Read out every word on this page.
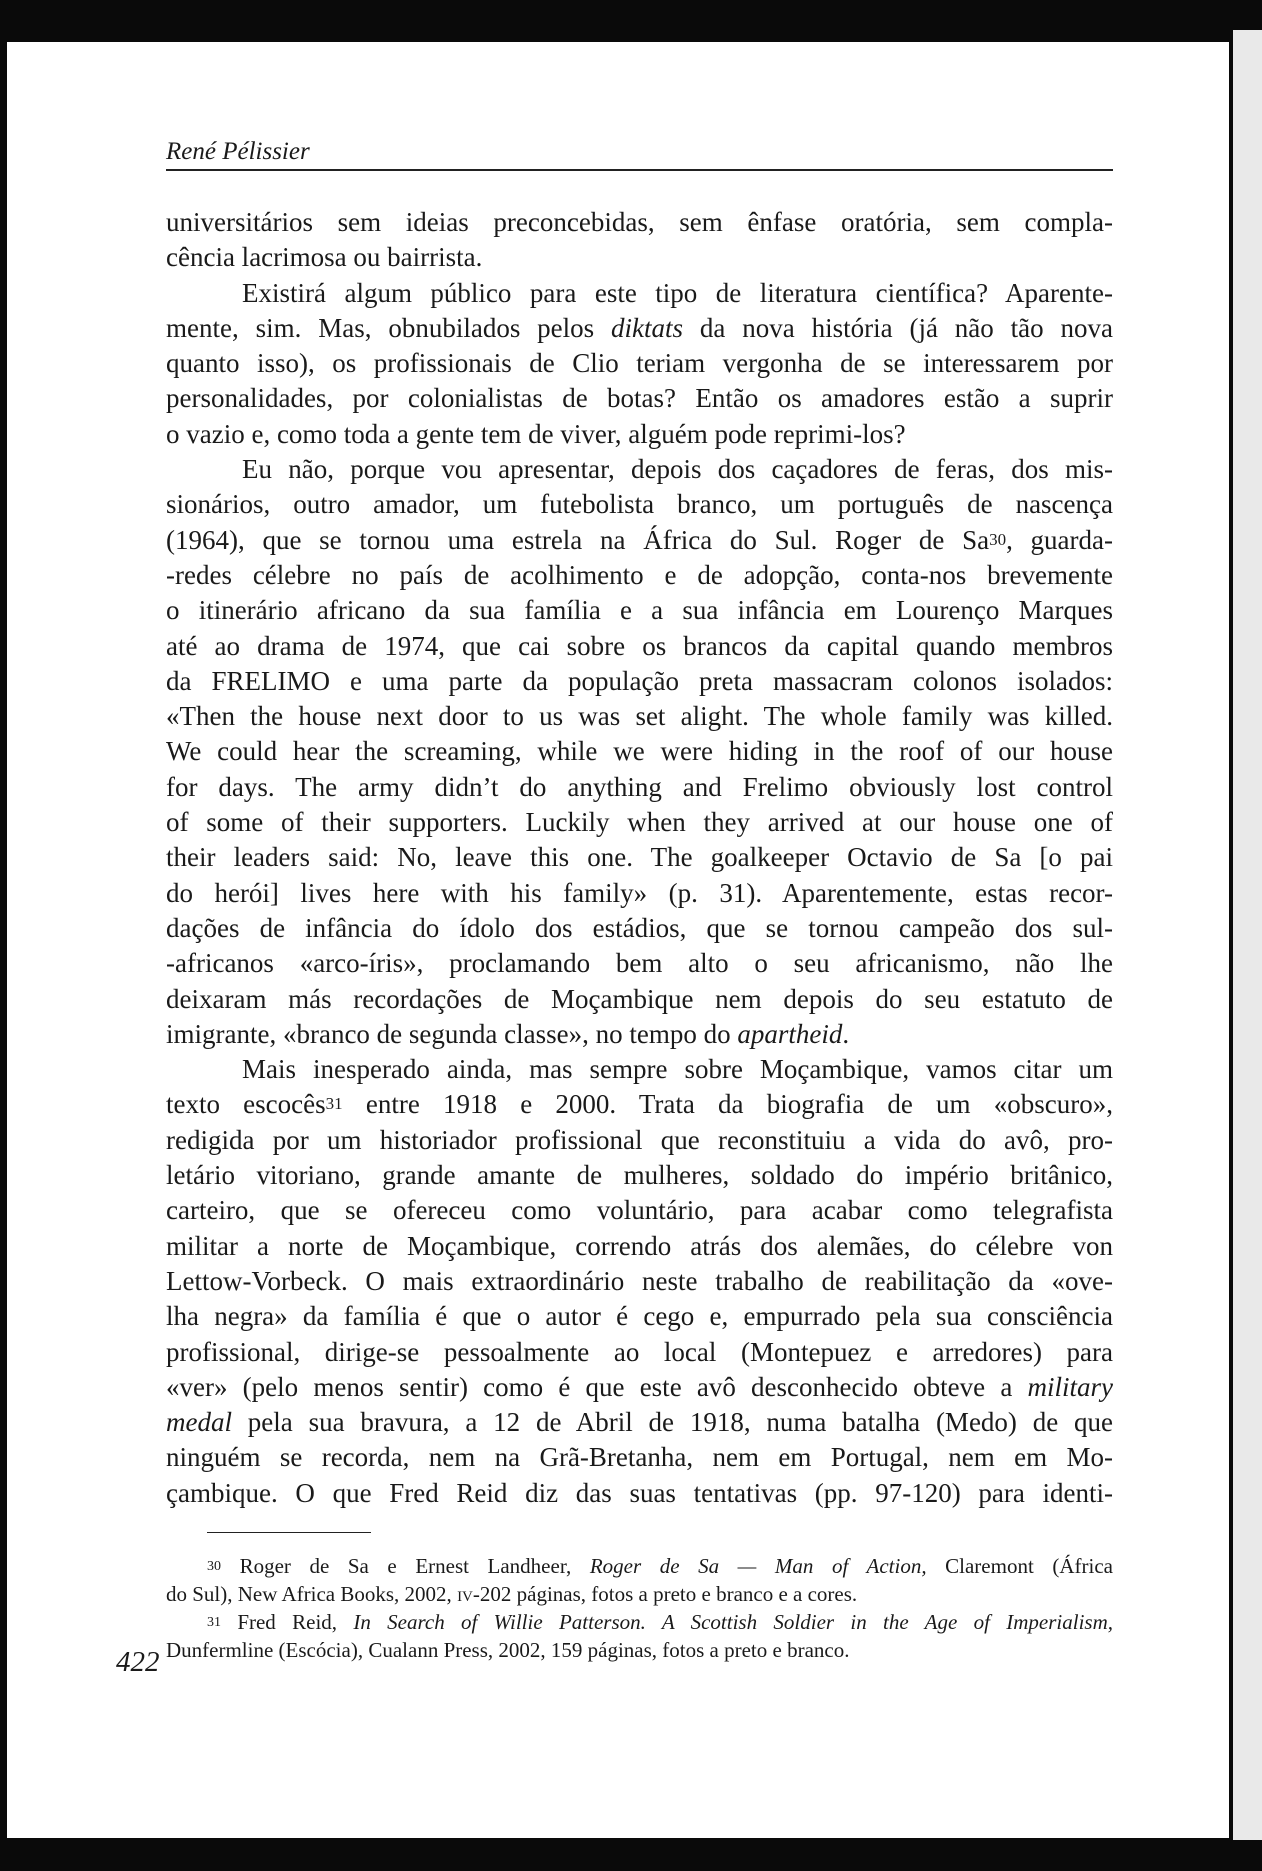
René Pélissier
universitários sem ideias preconcebidas, sem ênfase oratória, sem compla-
cência lacrimosa ou bairrista.
Existirá algum público para este tipo de literatura científica? Aparente-
mente, sim. Mas, obnubilados pelos diktats da nova história (já não tão nova
quanto isso), os profissionais de Clio teriam vergonha de se interessarem por
personalidades, por colonialistas de botas? Então os amadores estão a suprir
o vazio e, como toda a gente tem de viver, alguém pode reprimi-los?
Eu não, porque vou apresentar, depois dos caçadores de feras, dos mis-
sionários, outro amador, um futebolista branco, um português de nascença
(1964), que se tornou uma estrela na África do Sul. Roger de Sa$^{30}$, guarda-
-redes célebre no país de acolhimento e de adopção, conta-nos brevemente
o itinerário africano da sua família e a sua infância em Lourenço Marques
até ao drama de 1974, que cai sobre os brancos da capital quando membros
da FRELIMO e uma parte da população preta massacram colonos isolados:
«Then the house next door to us was set alight. The whole family was killed.
We could hear the screaming, while we were hiding in the roof of our house
for days. The army didn’t do anything and Frelimo obviously lost control
of some of their supporters. Luckily when they arrived at our house one of
their leaders said: No, leave this one. The goalkeeper Octavio de Sa [o pai
do herói] lives here with his family» (p. 31). Aparentemente, estas recor-
dações de infância do ídolo dos estádios, que se tornou campeão dos sul-
-africanos «arco-íris», proclamando bem alto o seu africanismo, não lhe
deixaram más recordações de Moçambique nem depois do seu estatuto de
imigrante, «branco de segunda classe», no tempo do apartheid.
Mais inesperado ainda, mas sempre sobre Moçambique, vamos citar um
texto escocês$^{31}$ entre 1918 e 2000. Trata da biografia de um «obscuro»,
redigida por um historiador profissional que reconstituiu a vida do avô, pro-
letário vitoriano, grande amante de mulheres, soldado do império britânico,
carteiro, que se ofereceu como voluntário, para acabar como telegrafista
militar a norte de Moçambique, correndo atrás dos alemães, do célebre von
Lettow-Vorbeck. O mais extraordinário neste trabalho de reabilitação da «ove-
lha negra» da família é que o autor é cego e, empurrado pela sua consciência
profissional, dirige-se pessoalmente ao local (Montepuez e arredores) para
«ver» (pelo menos sentir) como é que este avô desconhecido obteve a military
medal pela sua bravura, a 12 de Abril de 1918, numa batalha (Medo) de que
ninguém se recorda, nem na Grã-Bretanha, nem em Portugal, nem em Mo-
çambique. O que Fred Reid diz das suas tentativas (pp. 97-120) para identi-
$^{30}$ Roger de Sa e Ernest Landheer, Roger de Sa — Man of Action, Claremont (África
do Sul), New Africa Books, 2002, iv-202 páginas, fotos a preto e branco e a cores.
$^{31}$ Fred Reid, In Search of Willie Patterson. A Scottish Soldier in the Age of Imperialism,
Dunfermline (Escócia), Cualann Press, 2002, 159 páginas, fotos a preto e branco.
422
